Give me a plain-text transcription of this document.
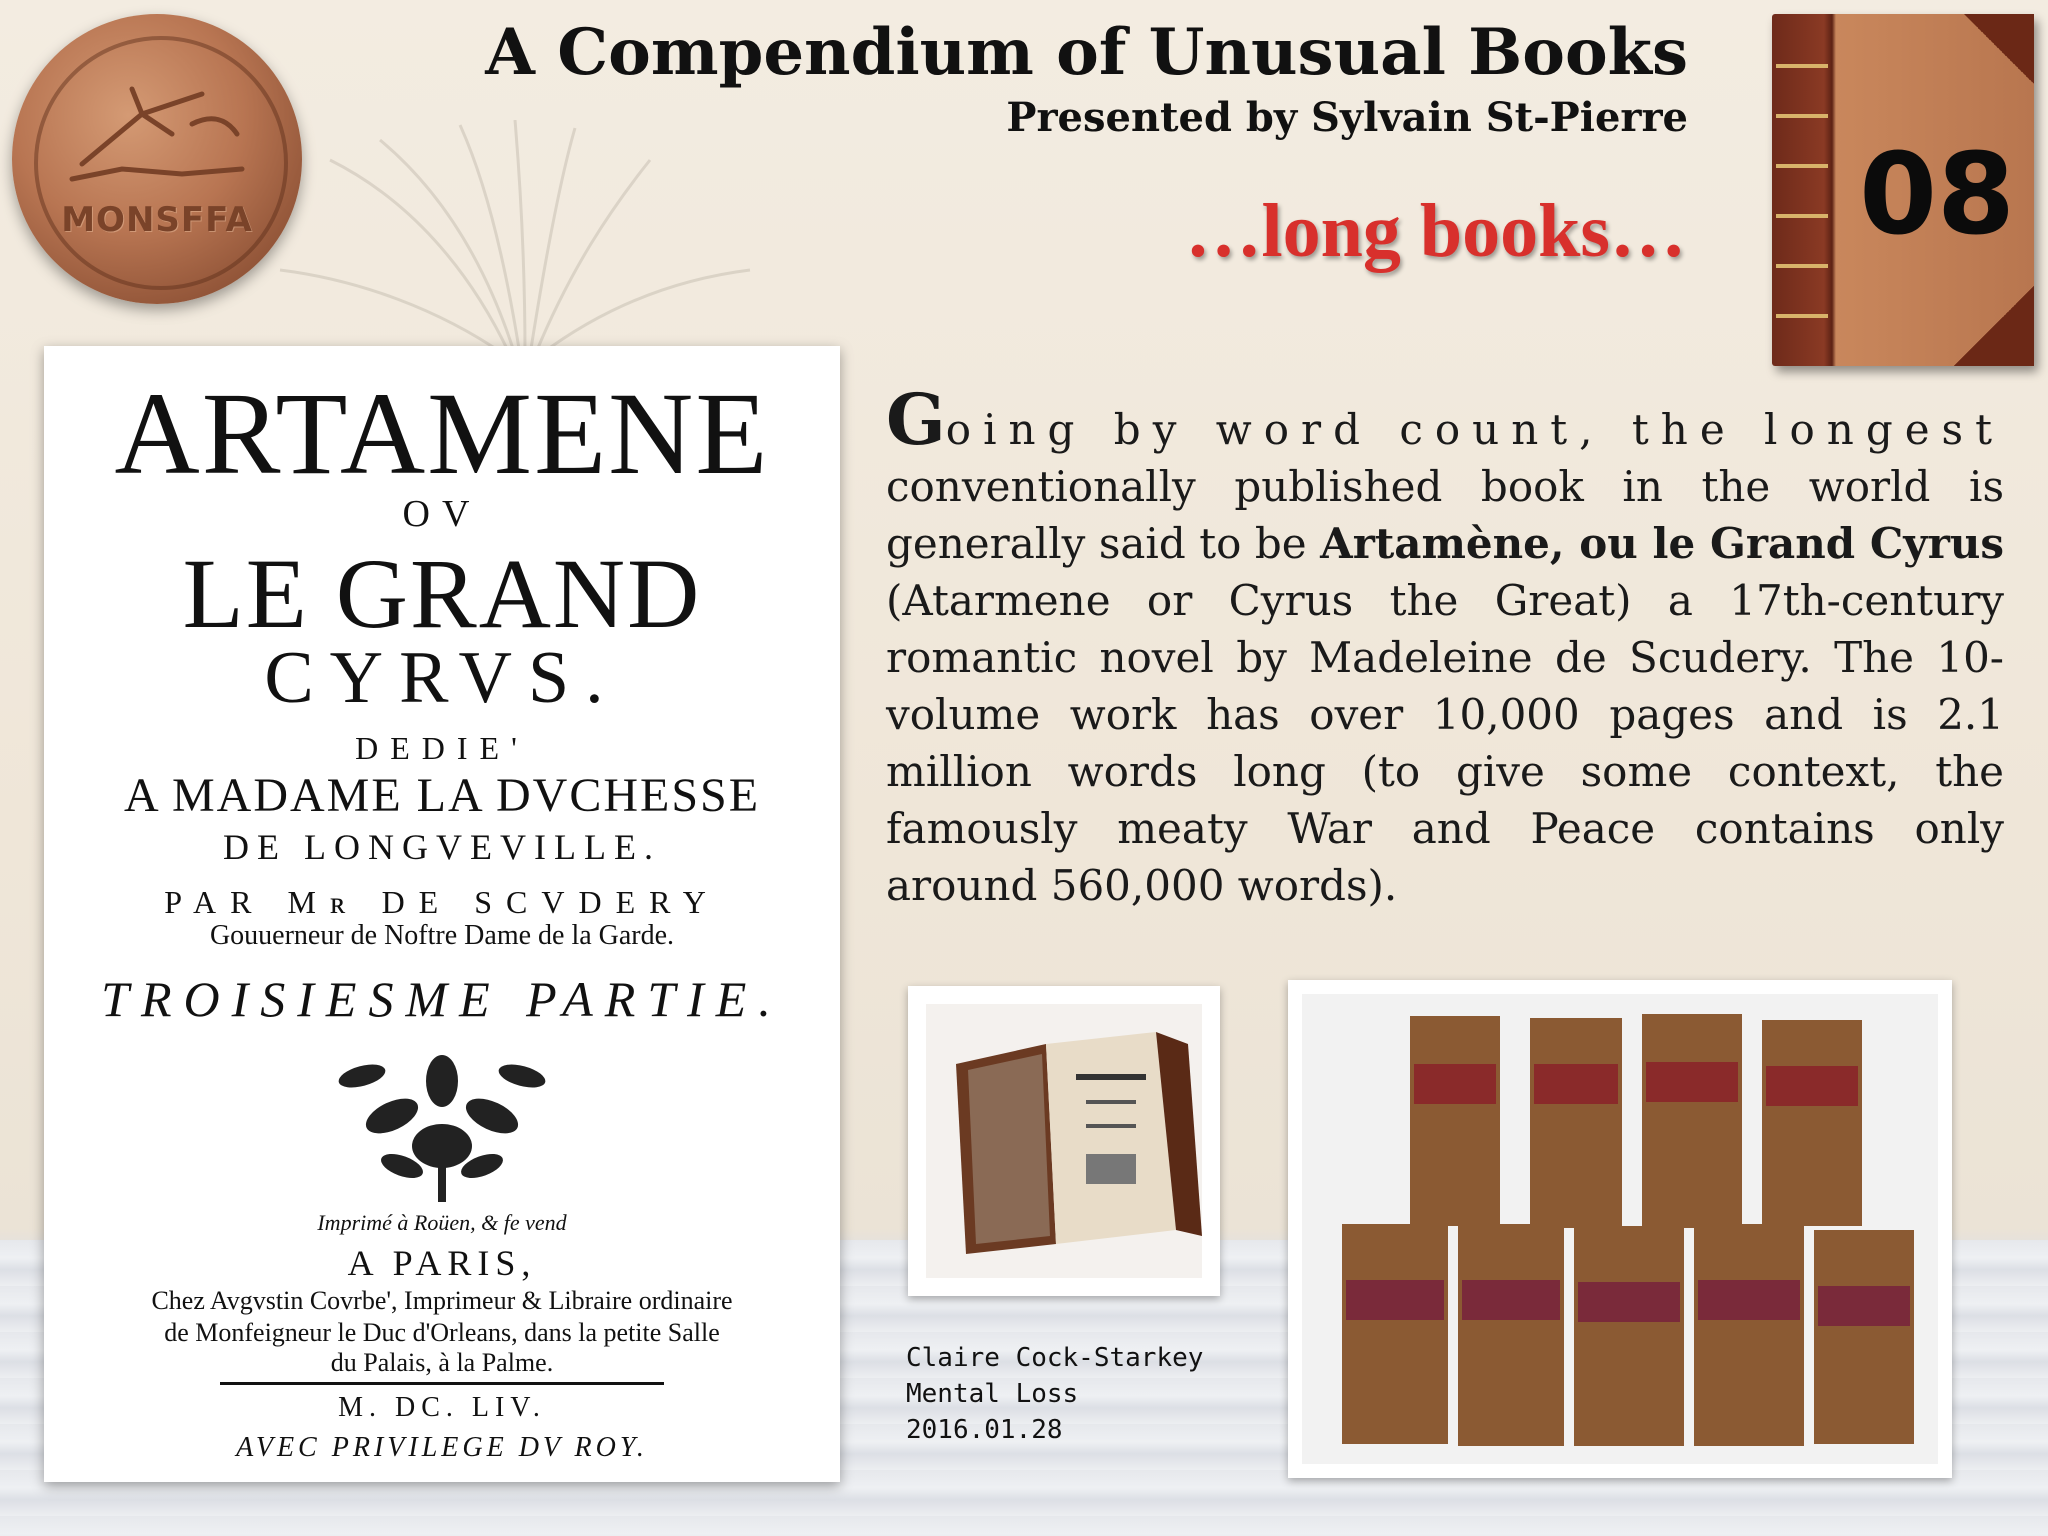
MONSFFA
A Compendium of Unusual Books
Presented by Sylvain St-Pierre
…long books… 08
ARTAMENE
OV
LE GRAND
CYRVS.
DEDIE'
A MADAME LA DVCHESSE
DE LONGVEVILLE.
PAR Mʀ DE SCVDERY
Gouuerneur de Noftre Dame de la Garde.
TROISIESME PARTIE.
Imprimé à Roüen, & fe vend
A PARIS,
Chez Avgvstin Covrbe', Imprimeur & Libraire ordinaire
de Monfeigneur le Duc d'Orleans, dans la petite Salle
du Palais, à la Palme.
M. DC. LIV.
AVEC PRIVILEGE DV ROY.
Going by word count, the longest conventionally published book in the world is generally said to be Artamène, ou le Grand Cyrus (Atarmene or Cyrus the Great) a 17th-century romantic novel by Madeleine de Scudery. The 10-volume work has over 10,000 pages and is 2.1 million words long (to give some context, the famously meaty War and Peace contains only around 560,000 words).
Claire Cock-Starkey
Mental Loss
2016.01.28
